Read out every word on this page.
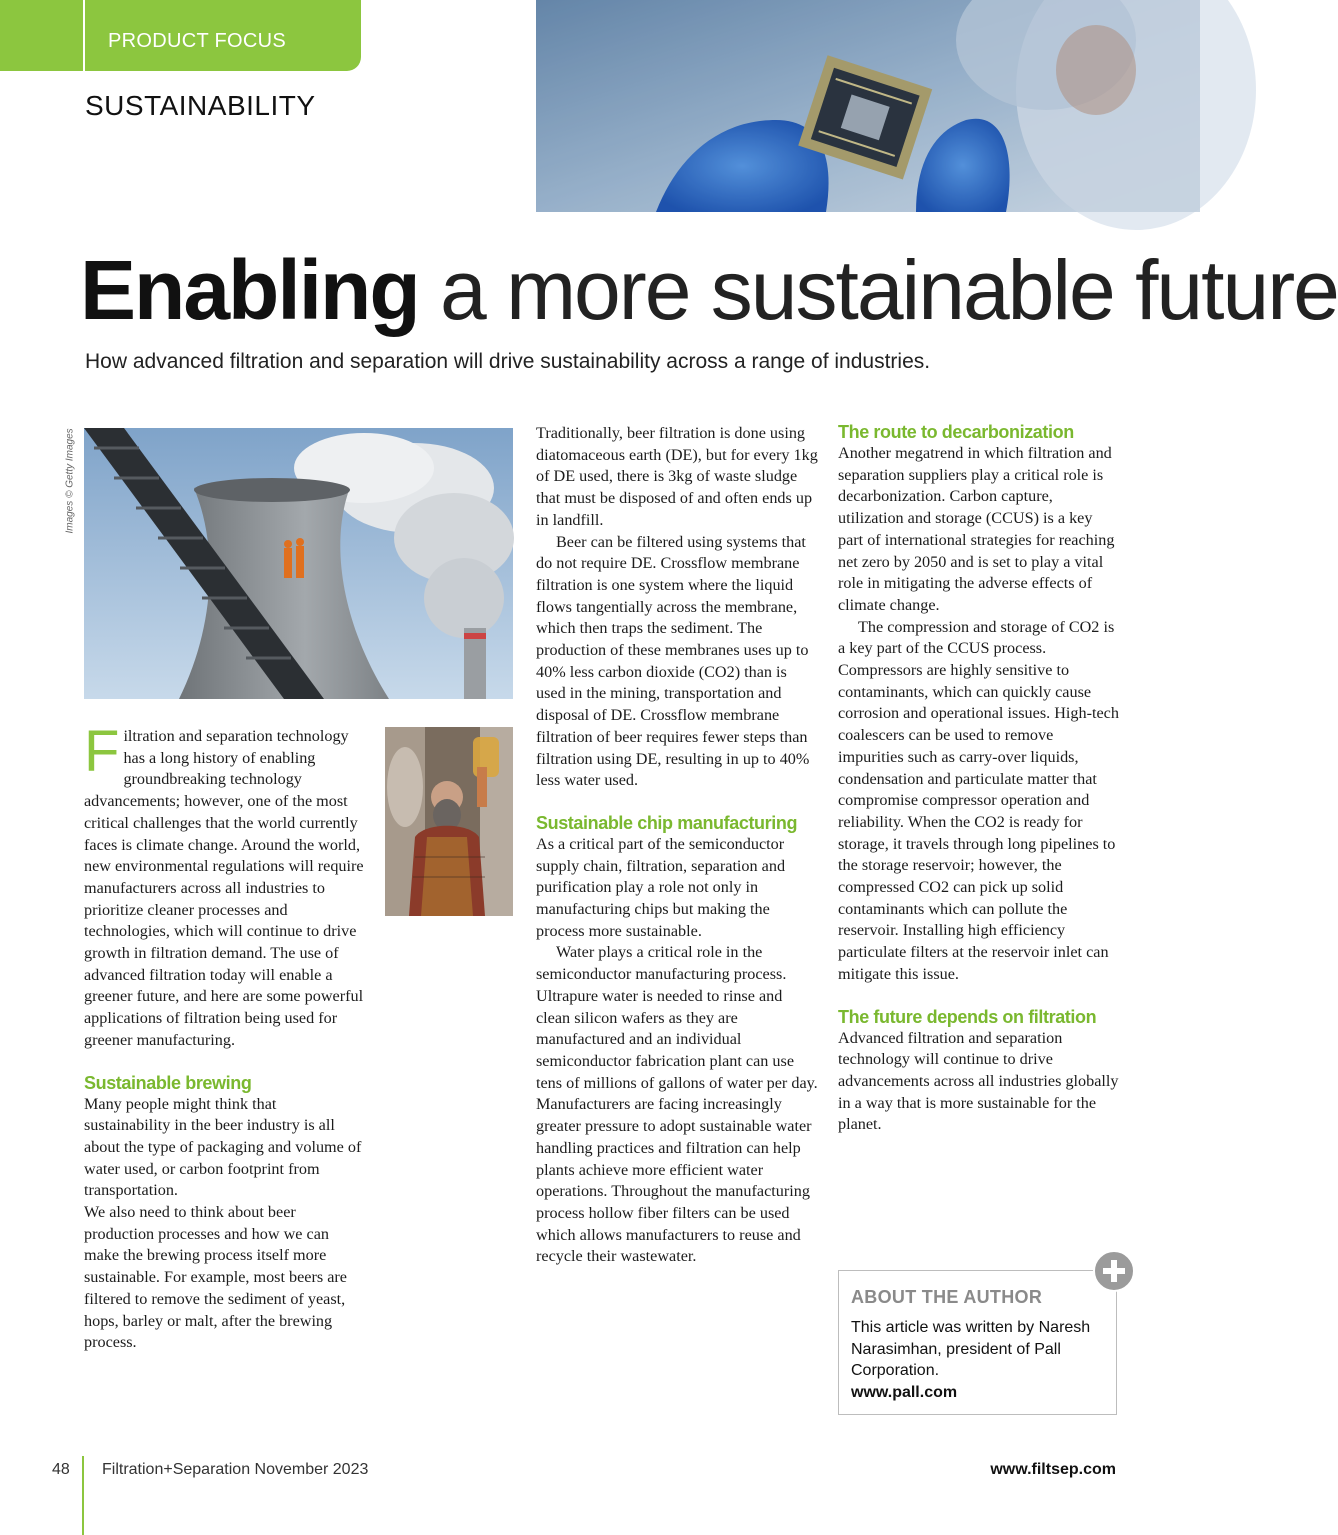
PRODUCT FOCUS
SUSTAINABILITY
Enabling a more sustainable future
How advanced filtration and separation will drive sustainability across a range of industries.
Images © Getty Images

Filtration and separation technology has a long history of enabling groundbreaking technology advancements; however, one of the most critical challenges that the world currently faces is climate change. Around the world, new environmental regulations will require manufacturers across all industries to prioritize cleaner processes and technologies, which will continue to drive growth in filtration demand. The use of advanced filtration today will enable a greener future, and here are some powerful applications of filtration being used for greener manufacturing.

Sustainable brewing

Many people might think that sustainability in the beer industry is all about the type of packaging and volume of water used, or carbon footprint from transportation.

We also need to think about beer production processes and how we can make the brewing process itself more sustainable. For example, most beers are filtered to remove the sediment of yeast, hops, barley or malt, after the brewing process.

Traditionally, beer filtration is done using diatomaceous earth (DE), but for every 1kg of DE used, there is 3kg of waste sludge that must be disposed of and often ends up in landfill.

Beer can be filtered using systems that do not require DE. Crossflow membrane filtration is one system where the liquid flows tangentially across the membrane, which then traps the sediment. The production of these membranes uses up to 40% less carbon dioxide (CO2) than is used in the mining, transportation and disposal of DE. Crossflow membrane filtration of beer requires fewer steps than filtration using DE, resulting in up to 40% less water used.

Sustainable chip manufacturing

As a critical part of the semiconductor supply chain, filtration, separation and purification play a role not only in manufacturing chips but making the process more sustainable.

Water plays a critical role in the semiconductor manufacturing process. Ultrapure water is needed to rinse and clean silicon wafers as they are manufactured and an individual semiconductor fabrication plant can use tens of millions of gallons of water per day. Manufacturers are facing increasingly greater pressure to adopt sustainable water handling practices and filtration can help plants achieve more efficient water operations. Throughout the manufacturing process hollow fiber filters can be used which allows manufacturers to reuse and recycle their wastewater.

The route to decarbonization

Another megatrend in which filtration and separation suppliers play a critical role is decarbonization. Carbon capture, utilization and storage (CCUS) is a key part of international strategies for reaching net zero by 2050 and is set to play a vital role in mitigating the adverse effects of climate change.

The compression and storage of CO2 is a key part of the CCUS process. Compressors are highly sensitive to contaminants, which can quickly cause corrosion and operational issues. High-tech coalescers can be used to remove impurities such as carry-over liquids, condensation and particulate matter that compromise compressor operation and reliability. When the CO2 is ready for storage, it travels through long pipelines to the storage reservoir; however, the compressed CO2 can pick up solid contaminants which can pollute the reservoir. Installing high efficiency particulate filters at the reservoir inlet can mitigate this issue.

The future depends on filtration

Advanced filtration and separation technology will continue to drive advancements across all industries globally in a way that is more sustainable for the planet.

ABOUT THE AUTHOR
This article was written by Naresh Narasimhan, president of Pall Corporation.
www.pall.com
48 Filtration+Separation November 2023	www.filtsep.com
